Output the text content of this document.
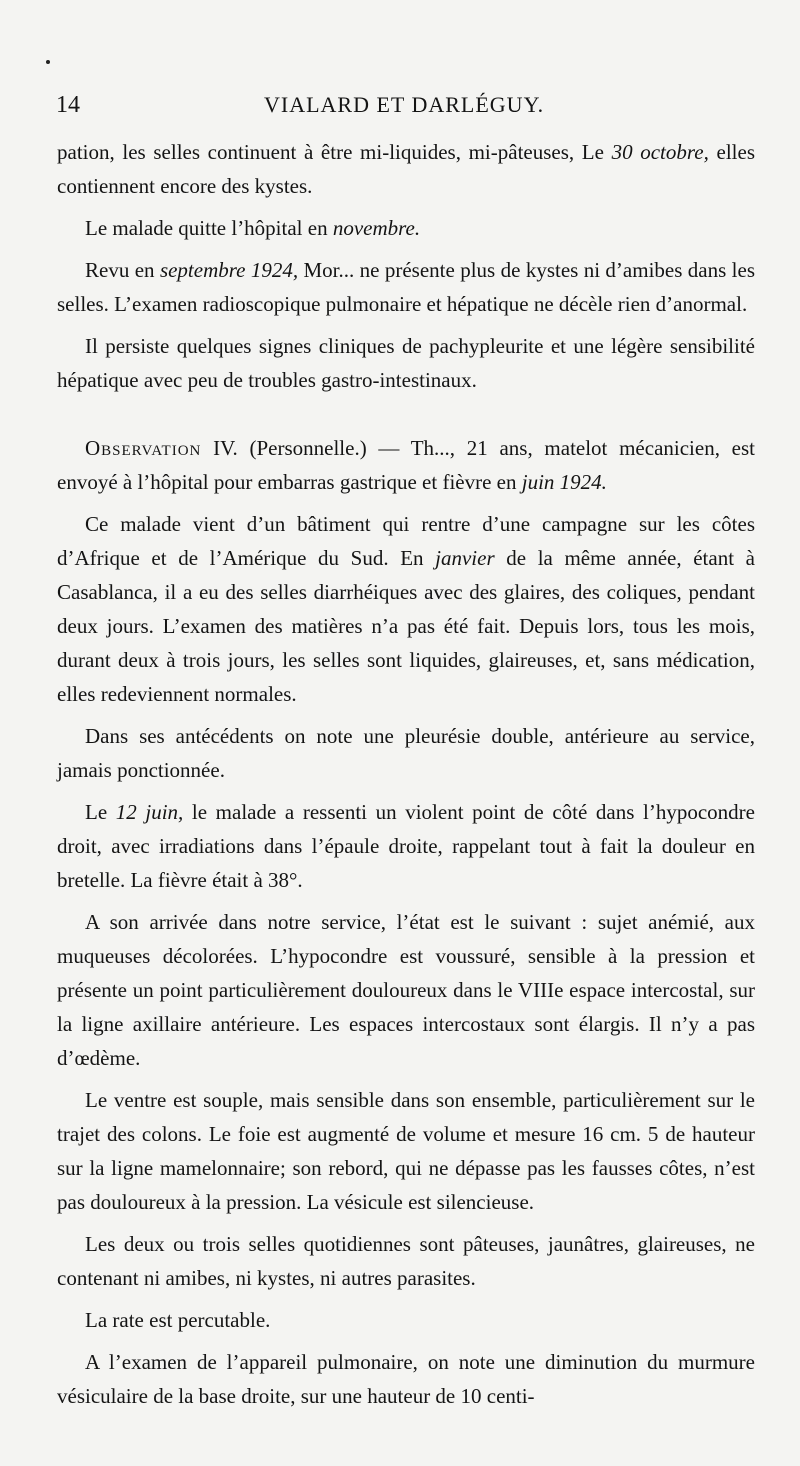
14	VIALARD ET DARLÉGUY.

pation, les selles continuent à être mi-liquides, mi-pâteuses, Le 30 octobre, elles contiennent encore des kystes.

Le malade quitte l’hôpital en novembre.

Revu en septembre 1924, Mor... ne présente plus de kystes ni d’amibes dans les selles. L’examen radioscopique pulmonaire et hépatique ne décèle rien d’anormal.

Il persiste quelques signes cliniques de pachypleurite et une légère sensibilité hépatique avec peu de troubles gastro-intestinaux.

Observation IV. (Personnelle.) — Th..., 21 ans, matelot mécanicien, est envoyé à l’hôpital pour embarras gastrique et fièvre en juin 1924.

Ce malade vient d’un bâtiment qui rentre d’une campagne sur les côtes d’Afrique et de l’Amérique du Sud. En janvier de la même année, étant à Casablanca, il a eu des selles diarrhéiques avec des glaires, des coliques, pendant deux jours. L’examen des matières n’a pas été fait. Depuis lors, tous les mois, durant deux à trois jours, les selles sont liquides, glaireuses, et, sans médication, elles redeviennent normales.

Dans ses antécédents on note une pleurésie double, antérieure au service, jamais ponctionnée.

Le 12 juin, le malade a ressenti un violent point de côté dans l’hypocondre droit, avec irradiations dans l’épaule droite, rappelant tout à fait la douleur en bretelle. La fièvre était à 38°.

A son arrivée dans notre service, l’état est le suivant : sujet anémié, aux muqueuses décolorées. L’hypocondre est voussuré, sensible à la pression et présente un point particulièrement douloureux dans le VIIIe espace intercostal, sur la ligne axillaire antérieure. Les espaces intercostaux sont élargis. Il n’y a pas d’œdème.

Le ventre est souple, mais sensible dans son ensemble, particulièrement sur le trajet des colons. Le foie est augmenté de volume et mesure 16 cm. 5 de hauteur sur la ligne mamelonnaire; son rebord, qui ne dépasse pas les fausses côtes, n’est pas douloureux à la pression. La vésicule est silencieuse.

Les deux ou trois selles quotidiennes sont pâteuses, jaunâtres, glaireuses, ne contenant ni amibes, ni kystes, ni autres parasites.

La rate est percutable.

A l’examen de l’appareil pulmonaire, on note une diminution du murmure vésiculaire de la base droite, sur une hauteur de 10 centi-
